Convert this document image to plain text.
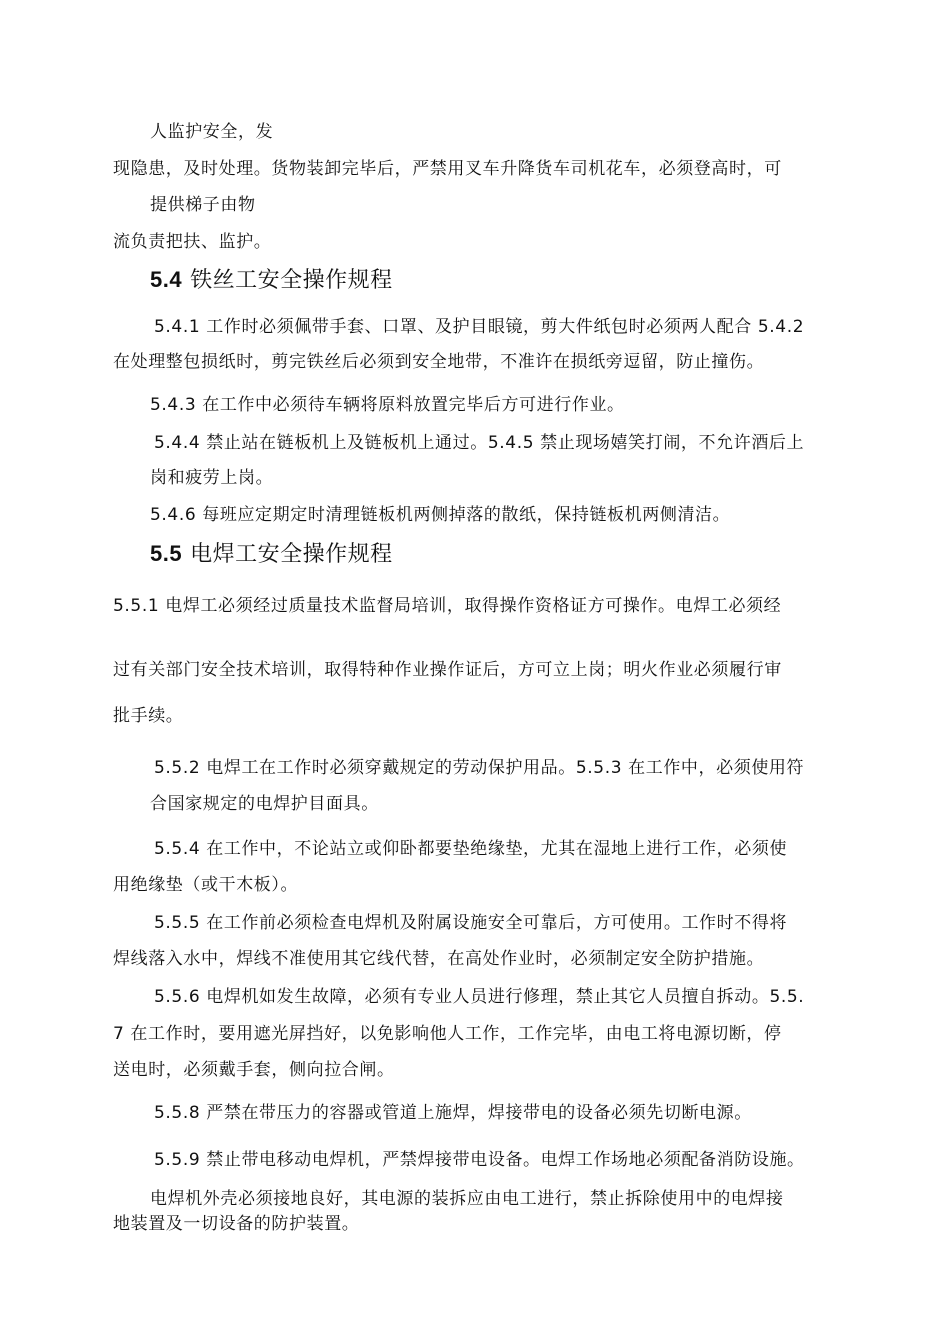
人监护安全，发
现隐患，及时处理。货物装卸完毕后，严禁用叉车升降货车司机花车，必须登高时，可
提供梯子由物
流负责把扶、监护。
5.4 铁丝工安全操作规程
5.4.1 工作时必须佩带手套、口罩、及护目眼镜，剪大件纸包时必须两人配合 5.4.2
在处理整包损纸时，剪完铁丝后必须到安全地带，不准许在损纸旁逗留，防止撞伤。
5.4.3 在工作中必须待车辆将原料放置完毕后方可进行作业。
5.4.4 禁止站在链板机上及链板机上通过。5.4.5 禁止现场嬉笑打闹，不允许酒后上
岗和疲劳上岗。
5.4.6 每班应定期定时清理链板机两侧掉落的散纸，保持链板机两侧清洁。
5.5 电焊工安全操作规程
5.5.1 电焊工必须经过质量技术监督局培训，取得操作资格证方可操作。电焊工必须经
过有关部门安全技术培训，取得特种作业操作证后，方可立上岗；明火作业必须履行审
批手续。
5.5.2 电焊工在工作时必须穿戴规定的劳动保护用品。5.5.3 在工作中，必须使用符
合国家规定的电焊护目面具。
5.5.4 在工作中，不论站立或仰卧都要垫绝缘垫，尤其在湿地上进行工作，必须使
用绝缘垫（或干木板）。
5.5.5 在工作前必须检查电焊机及附属设施安全可靠后，方可使用。工作时不得将
焊线落入水中，焊线不准使用其它线代替，在高处作业时，必须制定安全防护措施。
5.5.6 电焊机如发生故障，必须有专业人员进行修理，禁止其它人员擅自拆动。5.5.
7 在工作时，要用遮光屏挡好，以免影响他人工作，工作完毕，由电工将电源切断，停
送电时，必须戴手套，侧向拉合闸。
5.5.8 严禁在带压力的容器或管道上施焊，焊接带电的设备必须先切断电源。
5.5.9 禁止带电移动电焊机，严禁焊接带电设备。电焊工作场地必须配备消防设施。
电焊机外壳必须接地良好，其电源的装拆应由电工进行，禁止拆除使用中的电焊接
地装置及一切设备的防护装置。
